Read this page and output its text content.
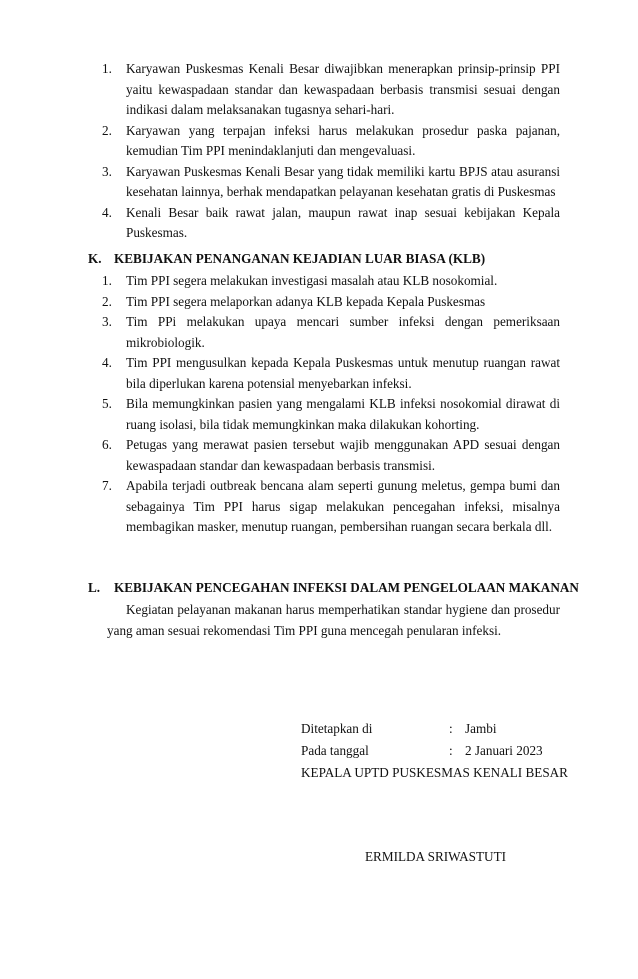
1. Karyawan Puskesmas Kenali Besar diwajibkan menerapkan prinsip-prinsip PPI yaitu kewaspadaan standar dan kewaspadaan berbasis transmisi sesuai dengan indikasi dalam melaksanakan tugasnya sehari-hari.
2. Karyawan yang terpajan infeksi harus melakukan prosedur paska pajanan, kemudian Tim PPI menindaklanjuti dan mengevaluasi.
3. Karyawan Puskesmas Kenali Besar yang tidak memiliki kartu BPJS atau asuransi kesehatan lainnya, berhak mendapatkan pelayanan kesehatan gratis di Puskesmas
4. Kenali Besar baik rawat jalan, maupun rawat inap sesuai kebijakan Kepala Puskesmas.
K. KEBIJAKAN PENANGANAN KEJADIAN LUAR BIASA (KLB)
1. Tim PPI segera melakukan investigasi masalah atau KLB nosokomial.
2. Tim PPI segera melaporkan adanya KLB kepada Kepala Puskesmas
3. Tim PPi melakukan upaya mencari sumber infeksi dengan pemeriksaan mikrobiologik.
4. Tim PPI mengusulkan kepada Kepala Puskesmas untuk menutup ruangan rawat bila diperlukan karena potensial menyebarkan infeksi.
5. Bila memungkinkan pasien yang mengalami KLB infeksi nosokomial dirawat di ruang isolasi, bila tidak memungkinkan maka dilakukan kohorting.
6. Petugas yang merawat pasien tersebut wajib menggunakan APD sesuai dengan kewaspadaan standar dan kewaspadaan berbasis transmisi.
7. Apabila terjadi outbreak bencana alam seperti gunung meletus, gempa bumi dan sebagainya Tim PPI harus sigap melakukan pencegahan infeksi, misalnya membagikan masker, menutup ruangan, pembersihan ruangan secara berkala dll.
L. KEBIJAKAN PENCEGAHAN INFEKSI DALAM PENGELOLAAN MAKANAN
Kegiatan pelayanan makanan harus memperhatikan standar hygiene dan prosedur yang aman sesuai rekomendasi Tim PPI guna mencegah penularan infeksi.
Ditetapkan di	: Jambi
Pada tanggal	: 2 Januari 2023
KEPALA UPTD PUSKESMAS KENALI BESAR
ERMILDA SRIWASTUTI
